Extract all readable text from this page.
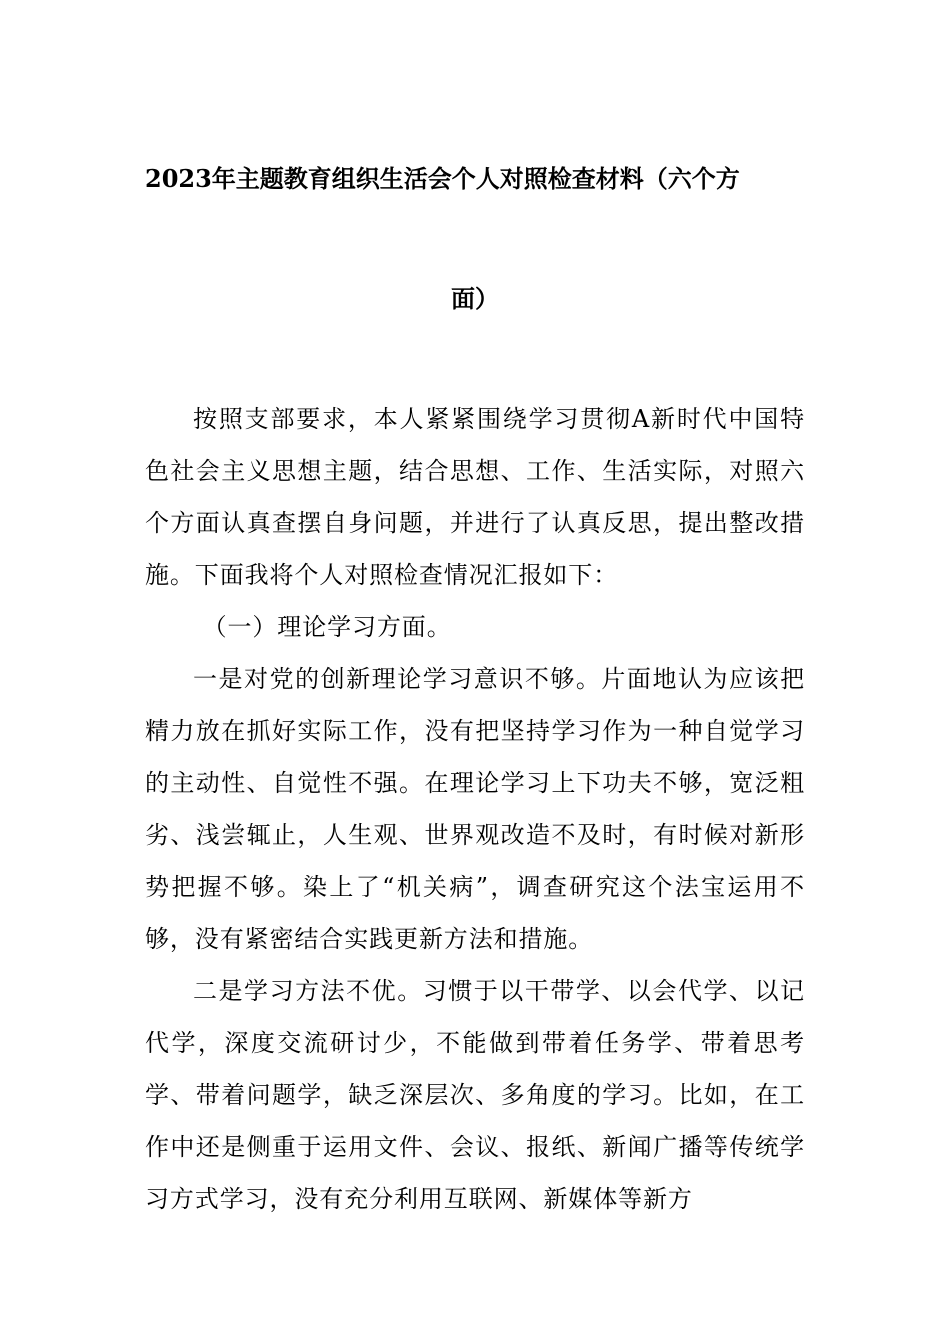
2023年主题教育组织生活会个人对照检查材料（六个方
面）

按照支部要求，本人紧紧围绕学习贯彻A新时代中国特色社会主义思想主题，结合思想、工作、生活实际，对照六个方面认真查摆自身问题，并进行了认真反思，提出整改措施。下面我将个人对照检查情况汇报如下：

（一）理论学习方面。

一是对党的创新理论学习意识不够。片面地认为应该把精力放在抓好实际工作，没有把坚持学习作为一种自觉学习的主动性、自觉性不强。在理论学习上下功夫不够，宽泛粗劣、浅尝辄止，人生观、世界观改造不及时，有时候对新形势把握不够。染上了“机关病”，调查研究这个法宝运用不够，没有紧密结合实践更新方法和措施。

二是学习方法不优。习惯于以干带学、以会代学、以记代学，深度交流研讨少，不能做到带着任务学、带着思考学、带着问题学，缺乏深层次、多角度的学习。比如，在工作中还是侧重于运用文件、会议、报纸、新闻广播等传统学习方式学习，没有充分利用互联网、新媒体等新方
